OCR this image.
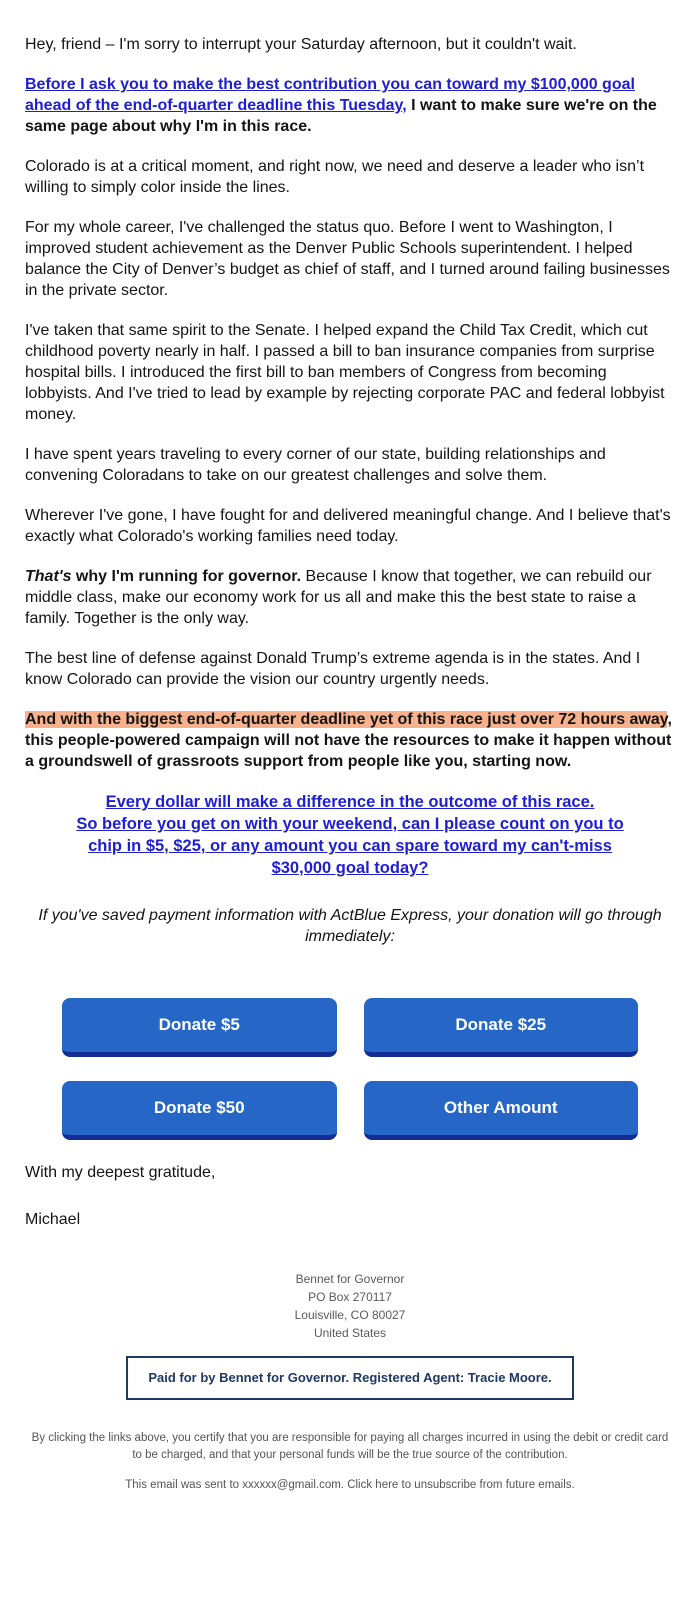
Hey, friend – I'm sorry to interrupt your Saturday afternoon, but it couldn't wait.

Before I ask you to make the best contribution you can toward my $100,000 goal ahead of the end-of-quarter deadline this Tuesday, I want to make sure we're on the same page about why I'm in this race.

Colorado is at a critical moment, and right now, we need and deserve a leader who isn’t willing to simply color inside the lines.

For my whole career, I've challenged the status quo. Before I went to Washington, I improved student achievement as the Denver Public Schools superintendent. I helped balance the City of Denver’s budget as chief of staff, and I turned around failing businesses in the private sector.

I've taken that same spirit to the Senate. I helped expand the Child Tax Credit, which cut childhood poverty nearly in half. I passed a bill to ban insurance companies from surprise hospital bills. I introduced the first bill to ban members of Congress from becoming lobbyists. And I've tried to lead by example by rejecting corporate PAC and federal lobbyist money.

I have spent years traveling to every corner of our state, building relationships and convening Coloradans to take on our greatest challenges and solve them.

Wherever I've gone, I have fought for and delivered meaningful change. And I believe that's exactly what Colorado's working families need today.

That's why I'm running for governor. Because I know that together, we can rebuild our middle class, make our economy work for us all and make this the best state to raise a family. Together is the only way.

The best line of defense against Donald Trump’s extreme agenda is in the states. And I know Colorado can provide the vision our country urgently needs.

And with the biggest end-of-quarter deadline yet of this race just over 72 hours away, this people-powered campaign will not have the resources to make it happen without a groundswell of grassroots support from people like you, starting now.

Every dollar will make a difference in the outcome of this race.
So before you get on with your weekend, can I please count on you to
chip in $5, $25, or any amount you can spare toward my can't-miss
$30,000 goal today?

If you've saved payment information with ActBlue Express, your donation will go through immediately:

Donate $5	Donate $25
Donate $50	Other Amount

With my deepest gratitude,

Michael

Bennet for Governor
PO Box 270117
Louisville, CO 80027
United States
Paid for by Bennet for Governor. Registered Agent: Tracie Moore.

By clicking the links above, you certify that you are responsible for paying all charges incurred in using the debit or credit card to be charged, and that your personal funds will be the true source of the contribution.

This email was sent to xxxxxx@gmail.com. Click here to unsubscribe from future emails.
